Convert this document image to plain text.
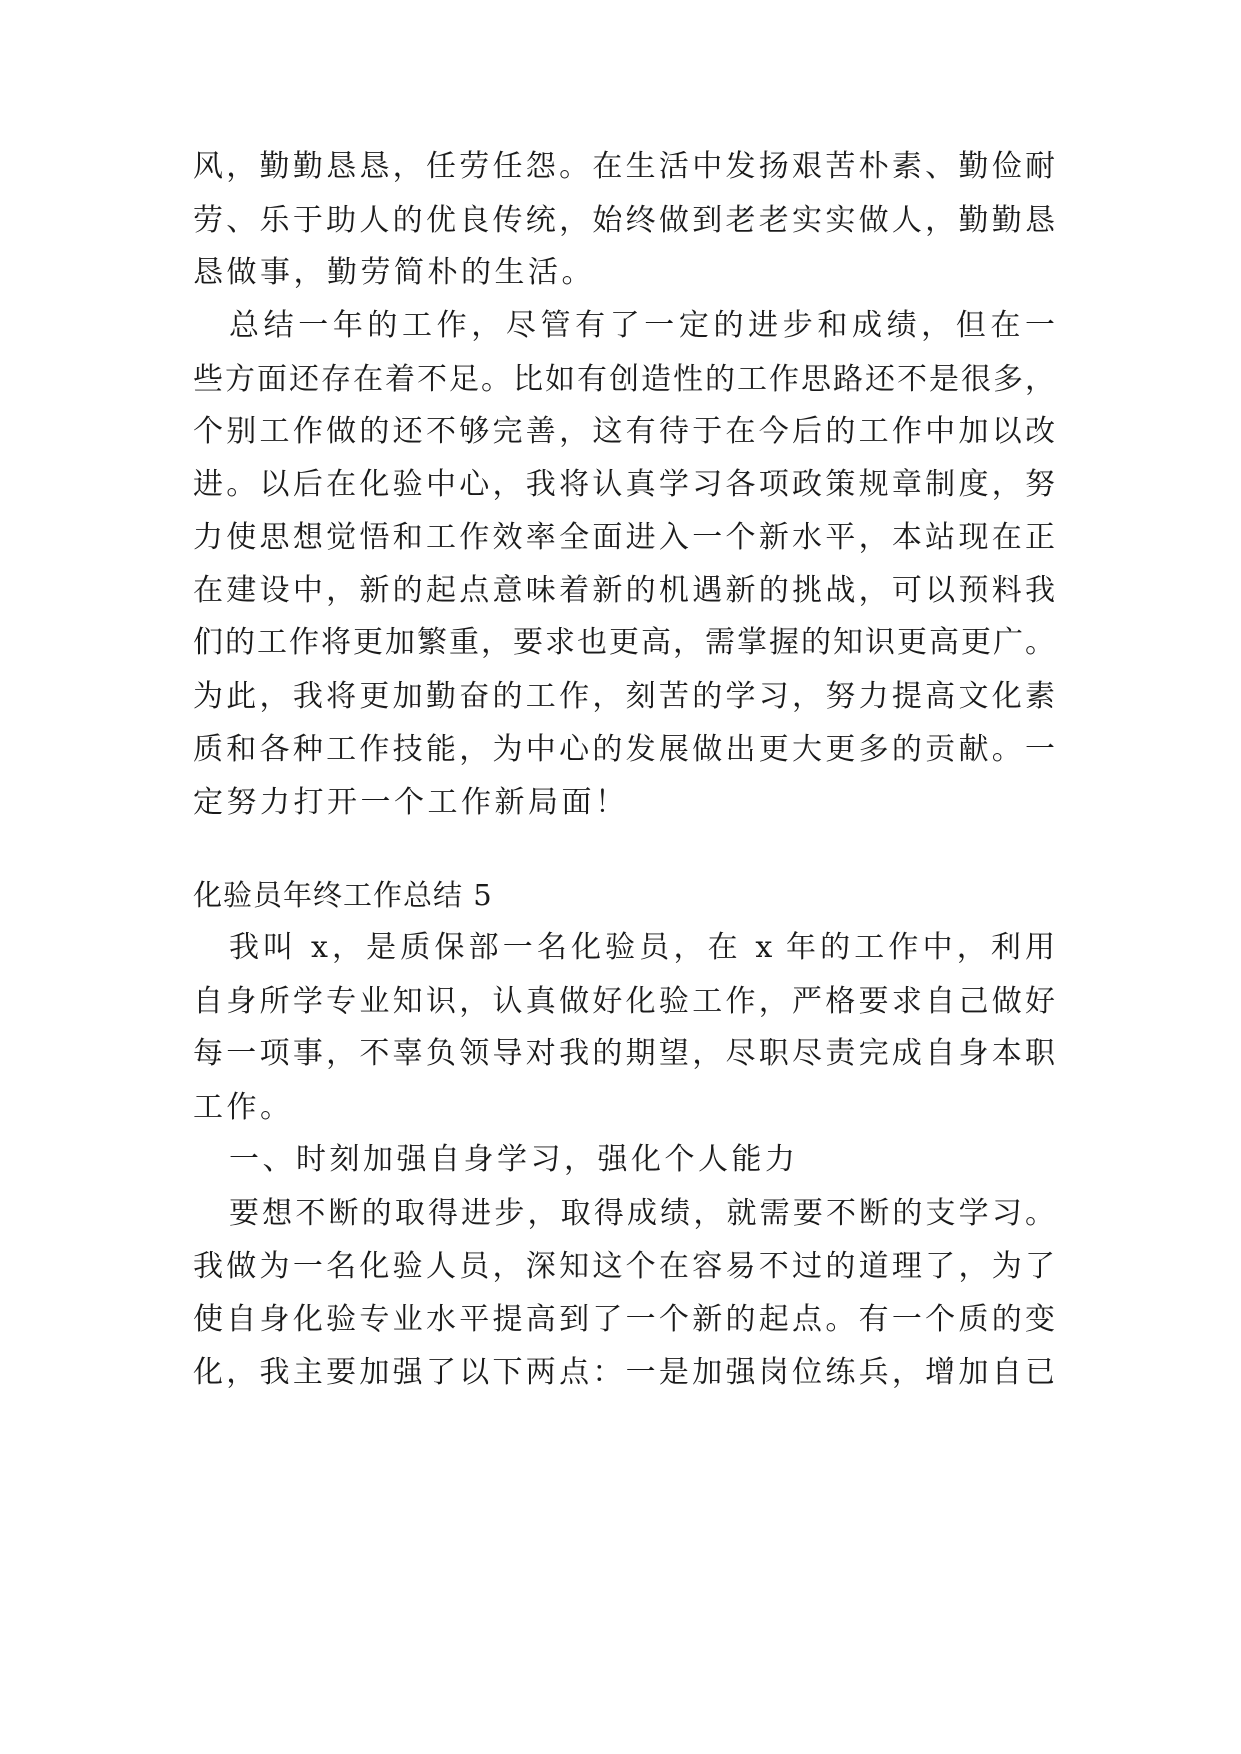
风，勤勤恳恳，任劳任怨。在生活中发扬艰苦朴素、勤俭耐
劳、乐于助人的优良传统，始终做到老老实实做人，勤勤恳
恳做事，勤劳简朴的生活。
总结一年的工作，尽管有了一定的进步和成绩，但在一
些方面还存在着不足。比如有创造性的工作思路还不是很多，
个别工作做的还不够完善，这有待于在今后的工作中加以改
进。以后在化验中心，我将认真学习各项政策规章制度，努
力使思想觉悟和工作效率全面进入一个新水平，本站现在正
在建设中，新的起点意味着新的机遇新的挑战，可以预料我
们的工作将更加繁重，要求也更高，需掌握的知识更高更广。
为此，我将更加勤奋的工作，刻苦的学习，努力提高文化素
质和各种工作技能，为中心的发展做出更大更多的贡献。一
定努力打开一个工作新局面！
化验员年终工作总结 5
我叫 x，是质保部一名化验员，在 x 年的工作中，利用
自身所学专业知识，认真做好化验工作，严格要求自己做好
每一项事，不辜负领导对我的期望，尽职尽责完成自身本职
工作。
一、时刻加强自身学习，强化个人能力
要想不断的取得进步，取得成绩，就需要不断的支学习。
我做为一名化验人员，深知这个在容易不过的道理了，为了
使自身化验专业水平提高到了一个新的起点。有一个质的变
化，我主要加强了以下两点：一是加强岗位练兵，增加自已
